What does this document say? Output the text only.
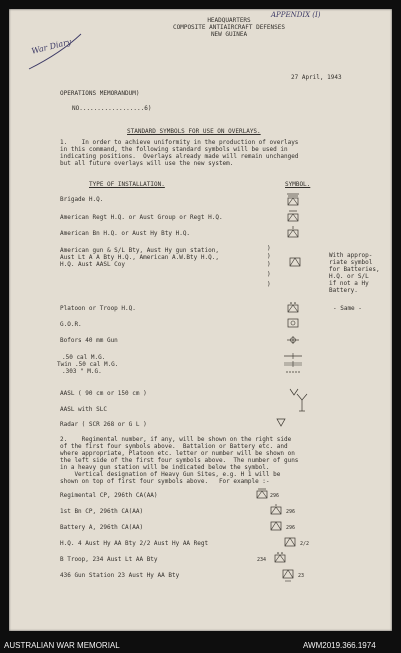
HEADQUARTERS
COMPOSITE ANTIAIRCRAFT DEFENSES
NEW GUINEA
APPENDIX (I)
War Diary
27 April, 1943
OPERATIONS MEMORANDUM)
NO..................6)
STANDARD SYMBOLS FOR USE ON OVERLAYS.
1.    In order to achieve uniformity in the production of overlays
in this command, the following standard symbols will be used in
indicating positions.  Overlays already made will remain unchanged
but all future overlays will use the new system.
TYPE OF INSTALLATION.	SYMBOL.
Brigade H.Q.
American Regt H.Q. or Aust Group or Regt H.Q.
American Bn H.Q. or Aust Hy Bty H.Q.
American gun & S/L Bty, Aust Hy gun station,
Aust Lt A A Bty H.Q., American A.W.Bty H.Q.,
H.Q. Aust AASL Coy
)
)
)
)
)
With approp-
riate symbol
for Batteries,
H.Q. or S/L
if not a Hy
Battery.
Platoon or Troop H.Q.
G.O.R.
Bofors 40 mm Gun
- Same -
.50 cal M.G.
Twin .50 cal M.G.
.303 " M.G.
AASL ( 90 cm or 150 cm )
AASL with SLC
Radar ( SCR 268 or G L )
2.    Regimental number, if any, will be shown on the right side
of the first four symbols above.  Battalion or Battery etc. and
where appropriate, Platoon etc. letter or number will be shown on
the left side of the first four symbols above.  The number of guns
in a heavy gun station will be indicated below the symbol.
Vertical designation of Heavy Gun Sites, e.g. H 1 will be
shown on top of first four symbols above.   For example :-
Regimental CP, 296th CA(AA)
1st Bn CP, 296th CA(AA)
Battery A, 296th CA(AA)
H.Q. 4 Aust Hy AA Bty 2/2 Aust Hy AA Regt
B Troop, 234 Aust Lt AA Bty
436 Gun Station 23 Aust Hy AA Bty
296
296
296
2/2
234
23
AUSTRALIAN WAR MEMORIAL	AWM2019.366.1974
